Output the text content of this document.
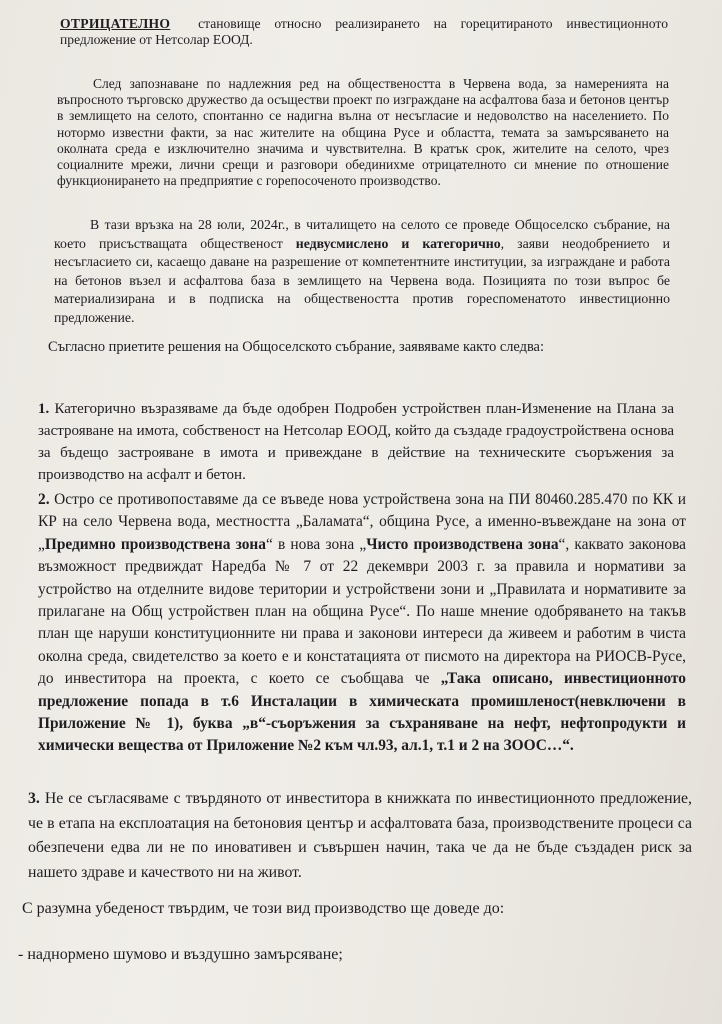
ОТРИЦАТЕЛНО становище относно реализирането на горецитираното инвестиционното предложение от Нетсолар ЕООД.

След запознаване по надлежния ред на обществеността в Червена вода, за намеренията на въпросното търговско дружество да осъществи проект по изграждане на асфалтова база и бетонов център в землището на селото, спонтанно се надигна вълна от несъгласие и недоволство на населението. По нотормо известни факти, за нас жителите на община Русе и областта, темата за замърсяването на околната среда е изключително значима и чувствителна. В кратък срок, жителите на селото, чрез социалните мрежи, лични срещи и разговори обединихме отрицателното си мнение по отношение функционирането на предприятие с горепосоченото производство.

В тази връзка на 28 юли, 2024г., в читалището на селото се проведе Общоселско събрание, на което присъстващата общественост недвусмислено и категорично, заяви неодобрението и несъгласието си, касаещо даване на разрешение от компетентните институции, за изграждане и работа на бетонов възел и асфалтова база в землището на Червена вода. Позицията по този въпрос бе материализирана и в подписка на обществеността против гореспоменатото инвестиционно предложение.

Съгласно приетите решения на Общоселското събрание, заявяваме както следва:

1. Категорично възразяваме да бъде одобрен Подробен устройствен план-Изменение на Плана за застрояване на имота, собственост на Нетсолар ЕООД, който да създаде градоустройствена основа за бъдещо застрояване в имота и привеждане в действие на техническите съоръжения за производство на асфалт и бетон.

2. Остро се противопоставяме да се въведе нова устройствена зона на ПИ 80460.285.470 по КК и КР на село Червена вода, местността „Баламата“, община Русе, а именно-въвеждане на зона от „Предимно производствена зона“ в нова зона „Чисто производствена зона“, каквато законова възможност предвиждат Наредба № 7 от 22 декември 2003 г. за правила и нормативи за устройство на отделните видове територии и устройствени зони и „Правилата и нормативите за прилагане на Общ устройствен план на община Русе“. По наше мнение одобряването на такъв план ще наруши конституционните ни права и законови интереси да живеем и работим в чиста околна среда, свидетелство за което е и констатацията от писмото на директора на РИОСВ-Русе, до инвеститора на проекта, с което се съобщава че „Така описано, инвестиционното предложение попада в т.6 Инсталации в химическата промишленост(невключени в Приложение № 1), буква „в“-съоръжения за съхраняване на нефт, нефтопродукти и химически вещества от Приложение №2 към чл.93, ал.1, т.1 и 2 на ЗООС…“.

3. Не се съгласяваме с твърдяното от инвеститора в книжката по инвестиционното предложение, че в етапа на експлоатация на бетоновия център и асфалтовата база, производствените процеси са обезпечени едва ли не по иновативен и съвършен начин, така че да не бъде създаден риск за нашето здраве и качеството ни на живот.

С разумна убеденост твърдим, че този вид производство ще доведе до:

- наднормено шумово и въздушно замърсяване;
